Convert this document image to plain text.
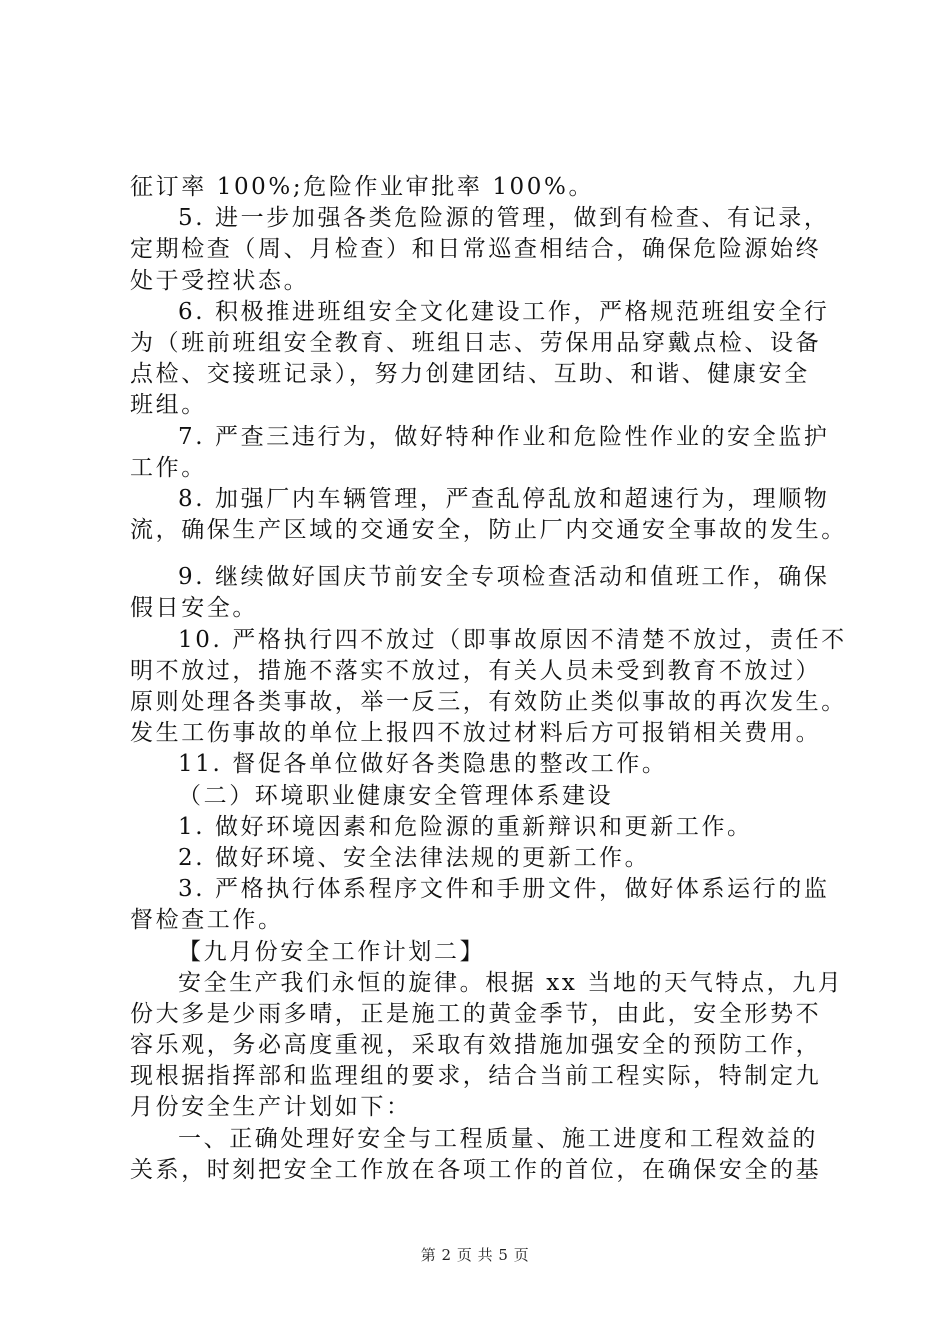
征订率 100%;危险作业审批率 100%。

5. 进一步加强各类危险源的管理，做到有检查、有记录，

定期检查（周、月检查）和日常巡查相结合，确保危险源始终

处于受控状态。

6. 积极推进班组安全文化建设工作，严格规范班组安全行

为（班前班组安全教育、班组日志、劳保用品穿戴点检、设备

点检、交接班记录），努力创建团结、互助、和谐、健康安全

班组。

7. 严查三违行为，做好特种作业和危险性作业的安全监护

工作。

8. 加强厂内车辆管理，严查乱停乱放和超速行为，理顺物

流，确保生产区域的交通安全，防止厂内交通安全事故的发生。

9. 继续做好国庆节前安全专项检查活动和值班工作，确保

假日安全。

10. 严格执行四不放过（即事故原因不清楚不放过，责任不

明不放过，措施不落实不放过，有关人员未受到教育不放过）

原则处理各类事故，举一反三，有效防止类似事故的再次发生。

发生工伤事故的单位上报四不放过材料后方可报销相关费用。

11. 督促各单位做好各类隐患的整改工作。

（二）环境职业健康安全管理体系建设

1. 做好环境因素和危险源的重新辩识和更新工作。

2. 做好环境、安全法律法规的更新工作。

3. 严格执行体系程序文件和手册文件，做好体系运行的监

督检查工作。

【九月份安全工作计划二】

安全生产我们永恒的旋律。根据 xx 当地的天气特点，九月

份大多是少雨多晴，正是施工的黄金季节，由此，安全形势不

容乐观，务必高度重视，采取有效措施加强安全的预防工作，

现根据指挥部和监理组的要求，结合当前工程实际，特制定九

月份安全生产计划如下：

一、正确处理好安全与工程质量、施工进度和工程效益的

关系，时刻把安全工作放在各项工作的首位，在确保安全的基

第 2 页 共 5 页
